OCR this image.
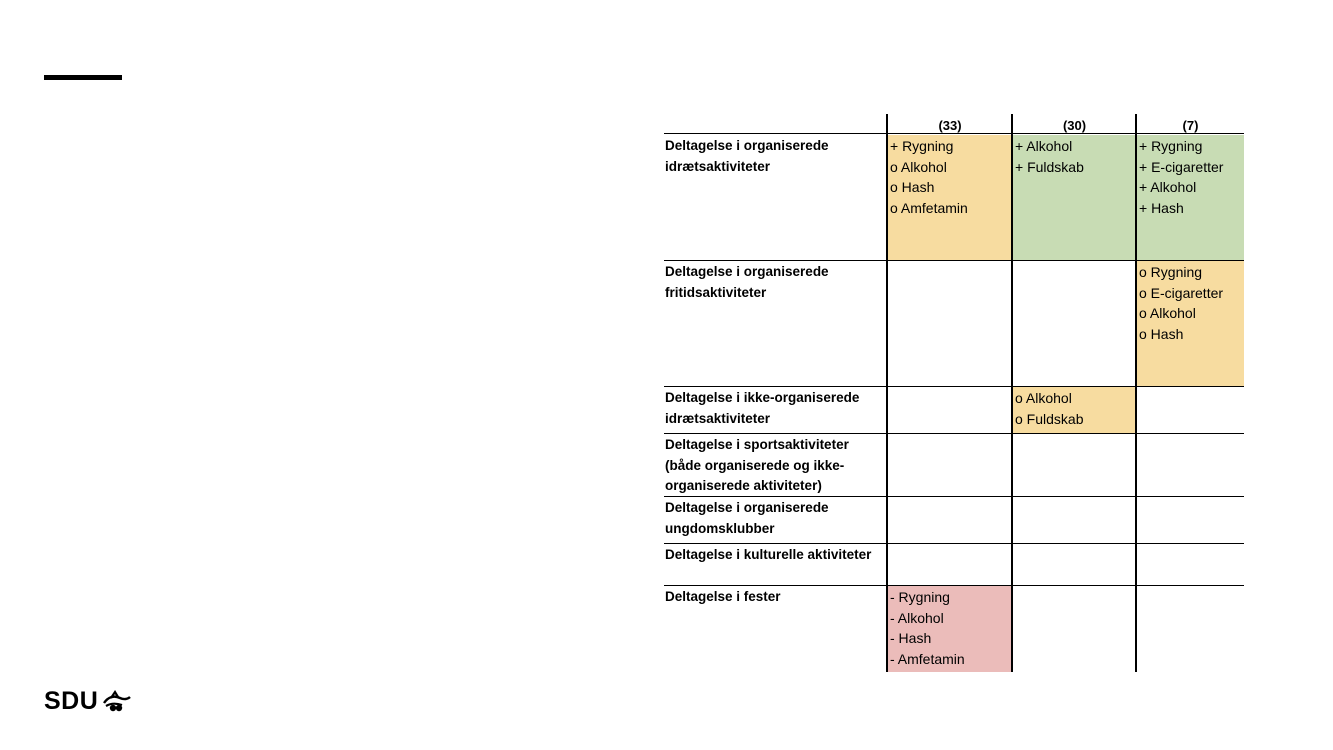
(33)	(30)	(7)
+ Rygning
o Alkohol
o Hash
o Amfetamin
+ Alkohol
+ Fuldskab
+ Rygning
+ E-cigaretter
+ Alkohol
+ Hash
Deltagelse i organiserede idrætsaktiviteter
o Rygning
o E-cigaretter
o Alkohol
o Hash
Deltagelse i organiserede fritidsaktiviteter
o Alkohol
o Fuldskab
Deltagelse i ikke-organiserede idrætsaktiviteter
Deltagelse i sportsaktiviteter (både organiserede og ikke-organiserede aktiviteter)
Deltagelse i organiserede ungdomsklubber
Deltagelse i kulturelle aktiviteter
- Rygning
- Alkohol
- Hash
- Amfetamin
Deltagelse i fester
SDU
